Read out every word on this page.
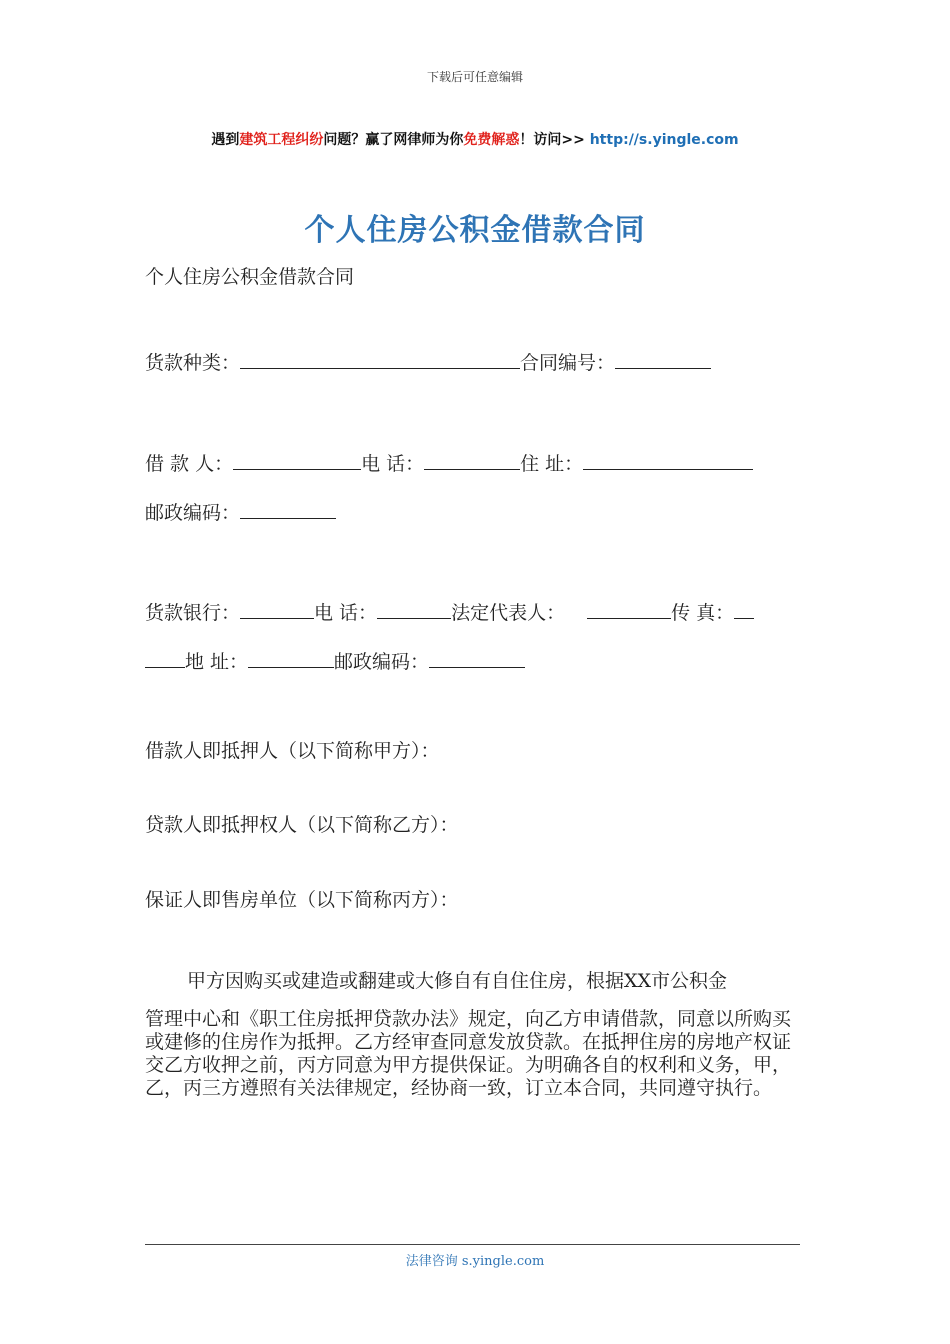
下载后可任意编辑
遇到建筑工程纠纷问题？赢了网律师为你免费解惑！访问>> http://s.yingle.com
个人住房公积金借款合同
个人住房公积金借款合同
货款种类：	合同编号：
借 款 人：	电 话：	住 址：
邮政编码：
货款银行：	电 话：	法定代表人：	传 真：
地 址：	邮政编码：
借款人即抵押人（以下简称甲方）：
贷款人即抵押权人（以下简称乙方）：
保证人即售房单位（以下简称丙方）：
甲方因购买或建造或翻建或大修自有自住住房，根据XX市公积金
管理中心和《职工住房抵押贷款办法》规定，向乙方申请借款，同意以所购买或建修的住房作为抵押。乙方经审查同意发放贷款。在抵押住房的房地产权证交乙方收押之前，丙方同意为甲方提供保证。为明确各自的权利和义务，甲，乙，丙三方遵照有关法律规定，经协商一致，订立本合同，共同遵守执行。
法律咨询 s.yingle.com
